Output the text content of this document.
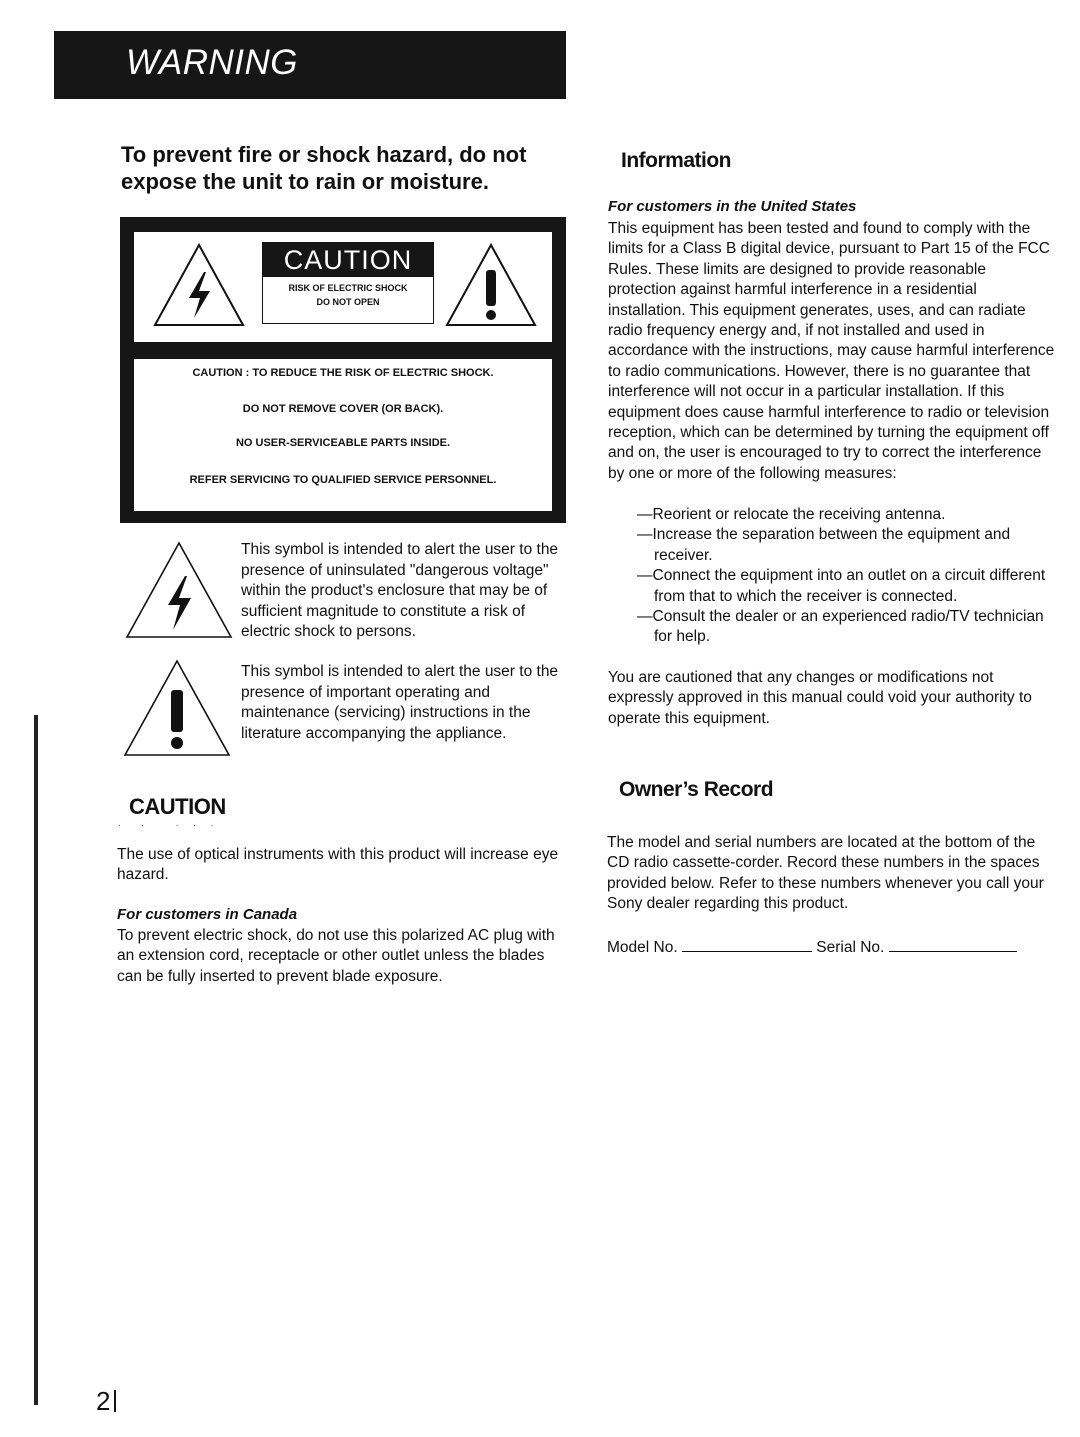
WARNING
To prevent fire or shock hazard, do not expose the unit to rain or moisture.
CAUTION
RISK OF ELECTRIC SHOCK
DO NOT OPEN
CAUTION : TO REDUCE THE RISK OF ELECTRIC SHOCK.
DO NOT REMOVE COVER (OR BACK).
NO USER-SERVICEABLE PARTS INSIDE.
REFER SERVICING TO QUALIFIED SERVICE PERSONNEL.
This symbol is intended to alert the user to the presence of uninsulated "dangerous voltage" within the product's enclosure that may be of sufficient magnitude to constitute a risk of electric shock to persons.
This symbol is intended to alert the user to the presence of important operating and maintenance (servicing) instructions in the literature accompanying the appliance.
CAUTION
.   .     .  .  .
The use of optical instruments with this product will increase eye hazard.
For customers in Canada
To prevent electric shock, do not use this polarized AC plug with an extension cord, receptacle or other outlet unless the blades can be fully inserted to prevent blade exposure.
Information
For customers in the United States
This equipment has been tested and found to comply with the limits for a Class B digital device, pursuant to Part 15 of the FCC Rules. These limits are designed to provide reasonable protection against harmful interference in a residential installation. This equipment generates, uses, and can radiate radio frequency energy and, if not installed and used in accordance with the instructions, may cause harmful interference to radio communications. However, there is no guarantee that interference will not occur in a particular installation. If this equipment does cause harmful interference to radio or television reception, which can be determined by turning the equipment off and on, the user is encouraged to try to correct the interference by one or more of the following measures:
—Reorient or relocate the receiving antenna.
—Increase the separation between the equipment and receiver.
—Connect the equipment into an outlet on a circuit different from that to which the receiver is connected.
—Consult the dealer or an experienced radio/TV technician for help.
You are cautioned that any changes or modifications not expressly approved in this manual could void your authority to operate this equipment.
Owner’s Record
The model and serial numbers are located at the bottom of the CD radio cassette-corder. Record these numbers in the spaces provided below. Refer to these numbers whenever you call your Sony dealer regarding this product.
Model No.	Serial No.
2
